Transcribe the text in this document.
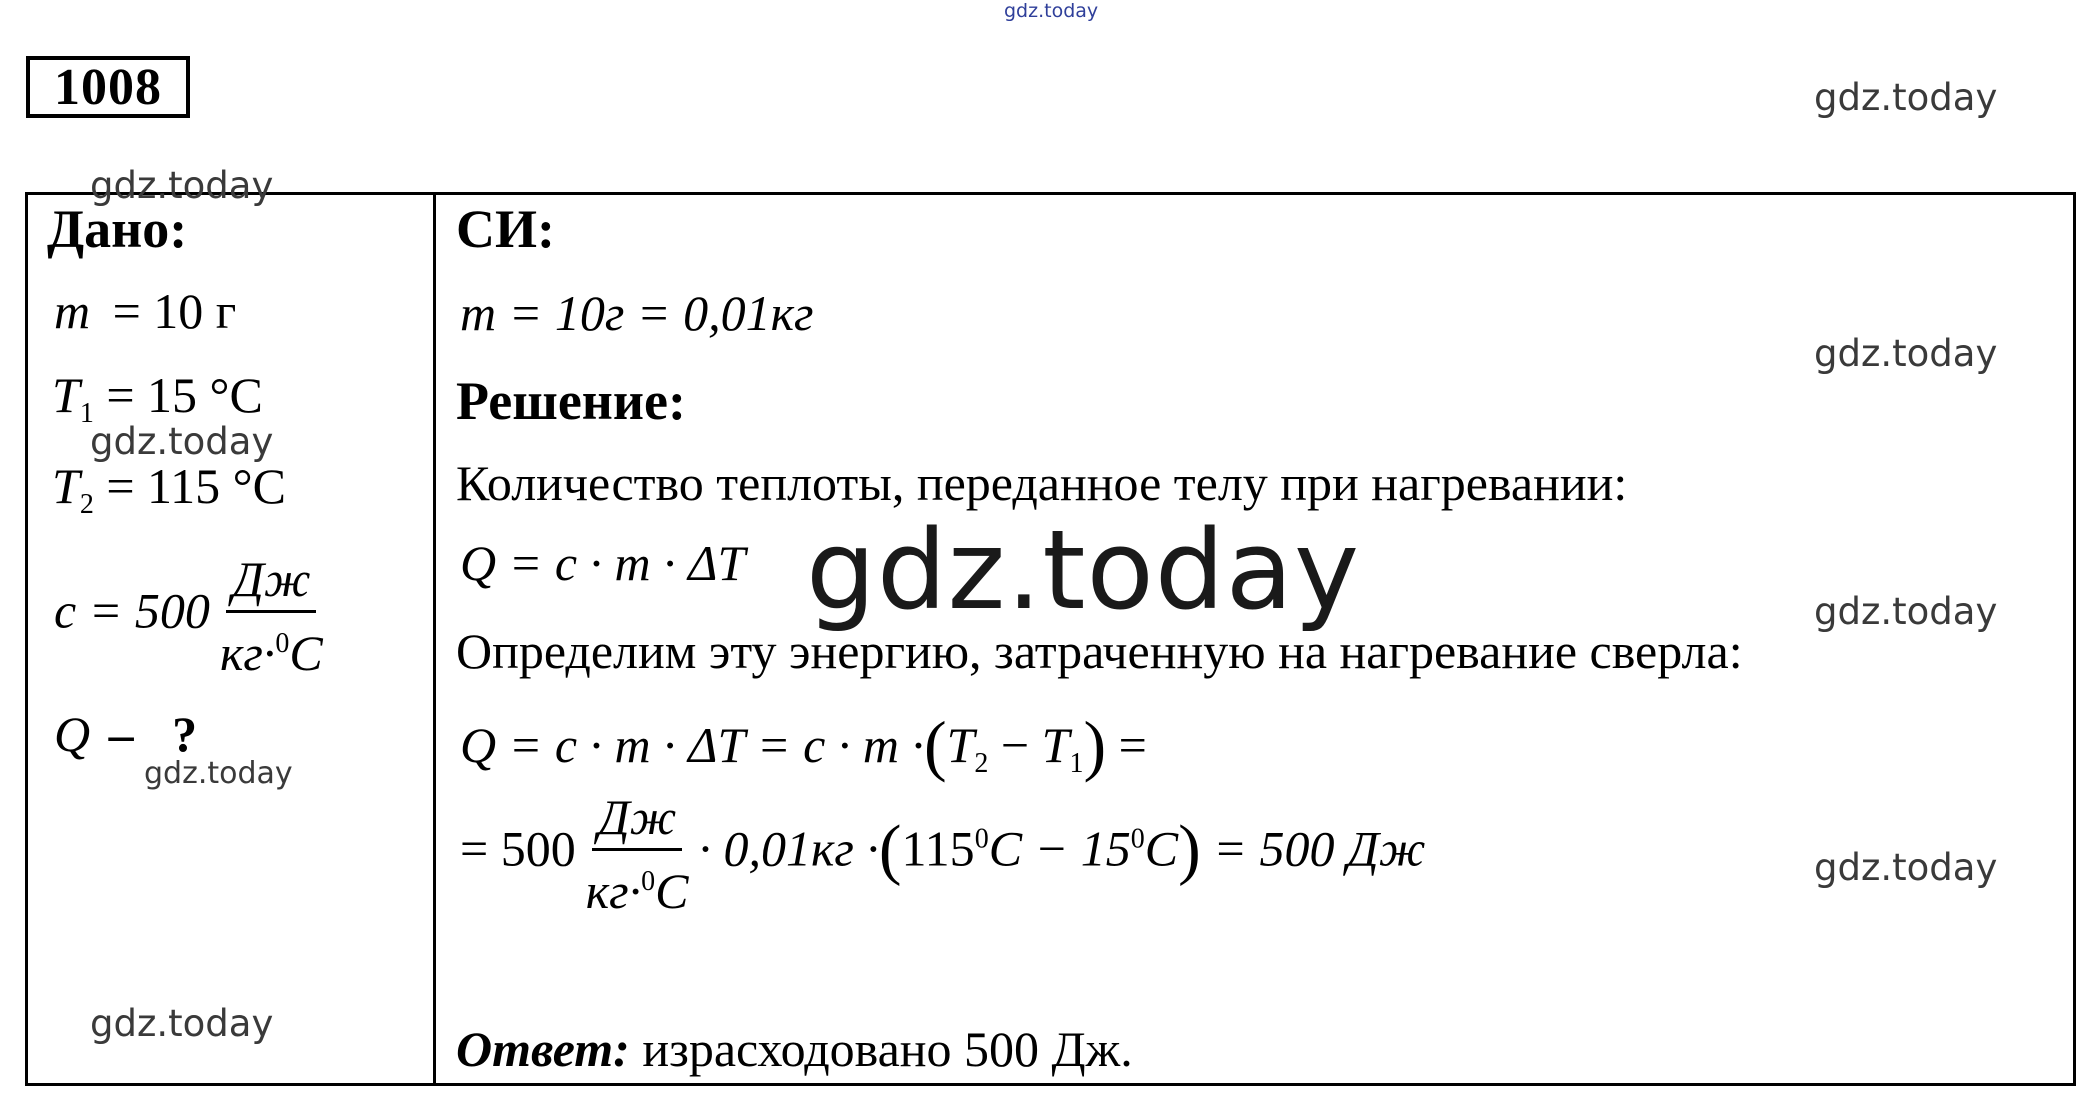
gdz.today
1008
Дано:
m = 10 г
$T_1 = 15$ °C
$T_2 = 115$ °C
$c = 500 \frac{Дж}{кг\cdot^0C}$
Q – ?
СИ:
m = 10г = 0,01кг
Решение:
Количество теплоты, переданное телу при нагревании:
Q = c · m · ΔT
Определим эту энергию, затраченную на нагревание сверла:
$Q = c \cdot m \cdot \Delta T = c \cdot m \cdot(T_2 - T_1)$ =
= $500 \frac{Дж}{кг\cdot^0C} \cdot 0,01кг \cdot(115^0C - 15^0C) = 500$ Дж
Ответ: израсходовано 500 Дж.
gdz.today
gdz.today
gdz.today
gdz.today
gdz.today
gdz.today
gdz.today
gdz.today
gdz.today
